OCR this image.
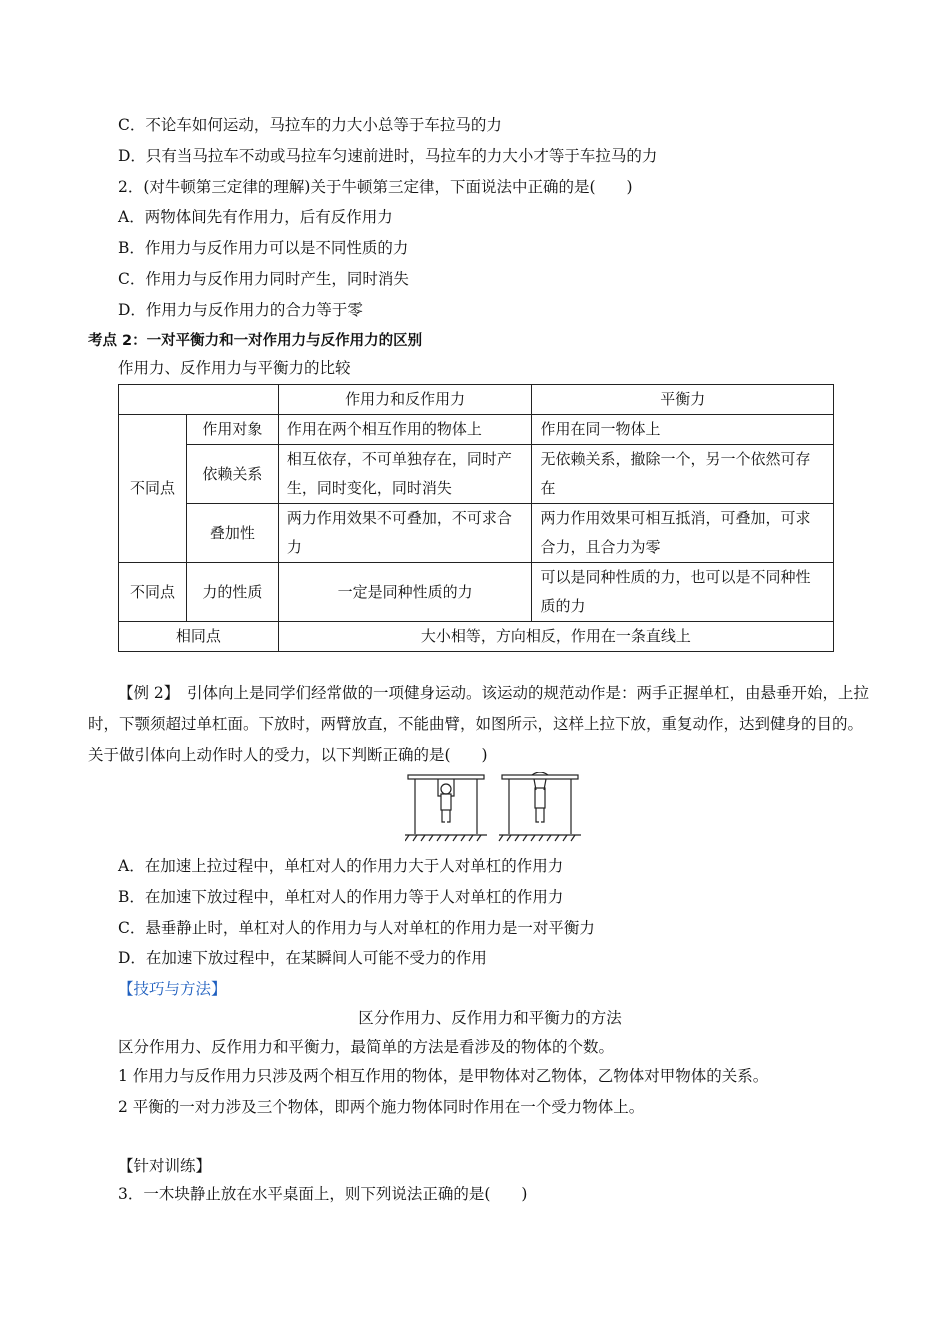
C．不论车如何运动，马拉车的力大小总等于车拉马的力
D．只有当马拉车不动或马拉车匀速前进时，马拉车的力大小才等于车拉马的力
2．(对牛顿第三定律的理解)关于牛顿第三定律，下面说法中正确的是(　　)
A．两物体间先有作用力，后有反作用力
B．作用力与反作用力可以是不同性质的力
C．作用力与反作用力同时产生，同时消失
D．作用力与反作用力的合力等于零
考点 2：一对平衡力和一对作用力与反作用力的区别
作用力、反作用力与平衡力的比较
		作用力和反作用力	平衡力
不同点	作用对象	作用在两个相互作用的物体上	作用在同一物体上
	依赖关系	相互依存，不可单独存在，同时产生，同时变化，同时消失	无依赖关系，撤除一个，另一个依然可存在
	叠加性	两力作用效果不可叠加，不可求合力	两力作用效果可相互抵消，可叠加，可求合力，且合力为零
不同点	力的性质	一定是同种性质的力	可以是同种性质的力，也可以是不同种性质的力
相同点		大小相等，方向相反，作用在一条直线上	
【例 2】　引体向上是同学们经常做的一项健身运动。该运动的规范动作是：两手正握单杠，由悬垂开始，上拉时，下颚须超过单杠面。下放时，两臂放直，不能曲臂，如图所示，这样上拉下放，重复动作，达到健身的目的。关于做引体向上动作时人的受力，以下判断正确的是(　　)
A．在加速上拉过程中，单杠对人的作用力大于人对单杠的作用力
B．在加速下放过程中，单杠对人的作用力等于人对单杠的作用力
C．悬垂静止时，单杠对人的作用力与人对单杠的作用力是一对平衡力
D．在加速下放过程中，在某瞬间人可能不受力的作用
【技巧与方法】
区分作用力、反作用力和平衡力的方法
区分作用力、反作用力和平衡力，最简单的方法是看涉及的物体的个数。
1 作用力与反作用力只涉及两个相互作用的物体，是甲物体对乙物体，乙物体对甲物体的关系。
2 平衡的一对力涉及三个物体，即两个施力物体同时作用在一个受力物体上。
【针对训练】
3．一木块静止放在水平桌面上，则下列说法正确的是(　　)
